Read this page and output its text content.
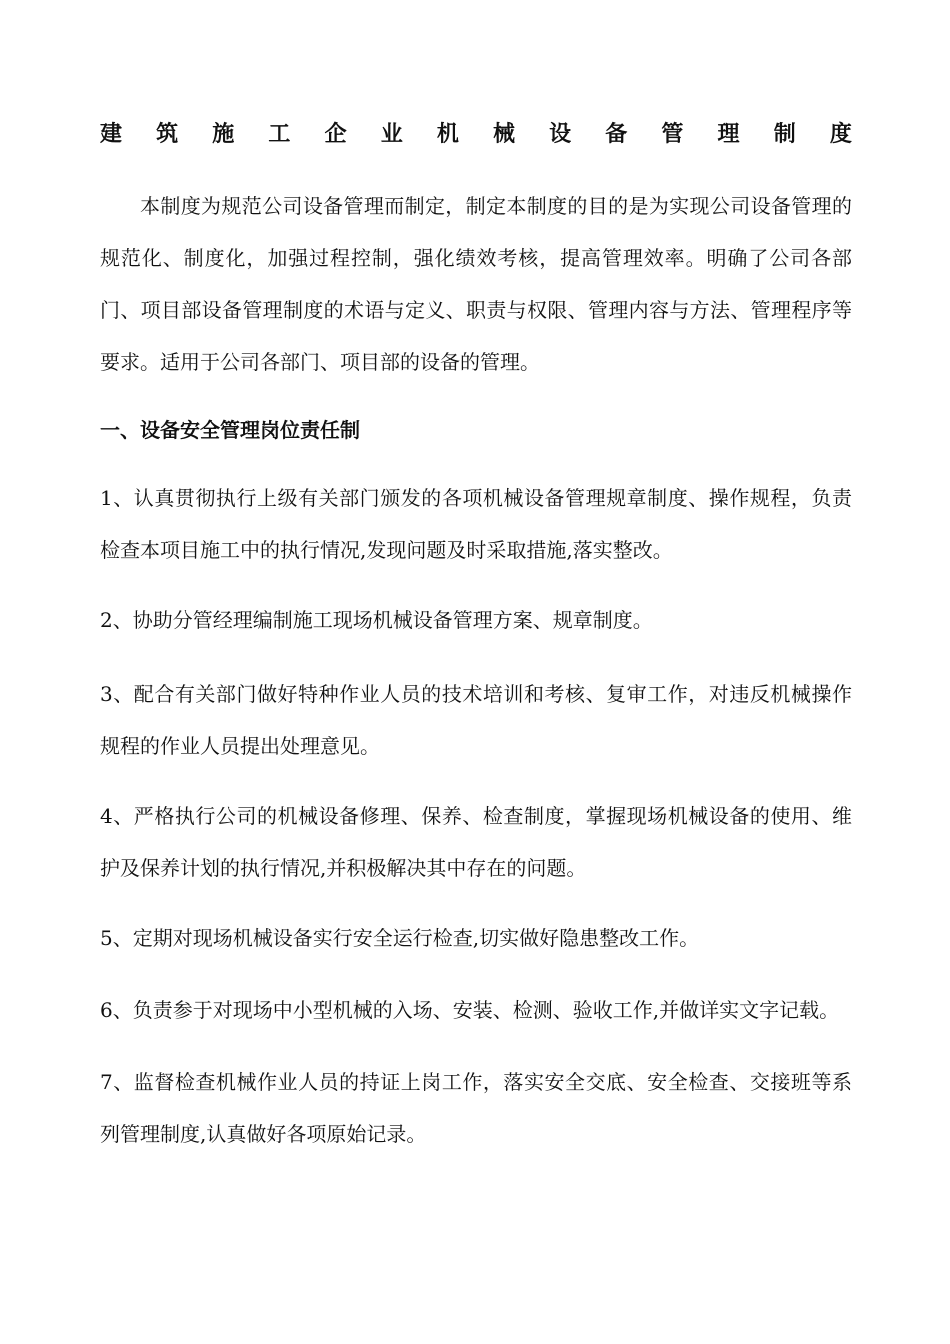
建 筑 施 工 企 业 机 械 设 备 管 理 制 度

本制度为规范公司设备管理而制定，制定本制度的目的是为实现公司设备管理的规范化、制度化，加强过程控制，强化绩效考核，提高管理效率。明确了公司各部门、项目部设备管理制度的术语与定义、职责与权限、管理内容与方法、管理程序等要求。适用于公司各部门、项目部的设备的管理。

一、设备安全管理岗位责任制

1、认真贯彻执行上级有关部门颁发的各项机械设备管理规章制度、操作规程，负责检查本项目施工中的执行情况,发现问题及时采取措施,落实整改。

2、协助分管经理编制施工现场机械设备管理方案、规章制度。

3、配合有关部门做好特种作业人员的技术培训和考核、复审工作，对违反机械操作规程的作业人员提出处理意见。

4、严格执行公司的机械设备修理、保养、检查制度，掌握现场机械设备的使用、维护及保养计划的执行情况,并积极解决其中存在的问题。

5、定期对现场机械设备实行安全运行检查,切实做好隐患整改工作。

6、负责参于对现场中小型机械的入场、安装、检测、验收工作,并做详实文字记载。

7、监督检查机械作业人员的持证上岗工作，落实安全交底、安全检查、交接班等系列管理制度,认真做好各项原始记录。
